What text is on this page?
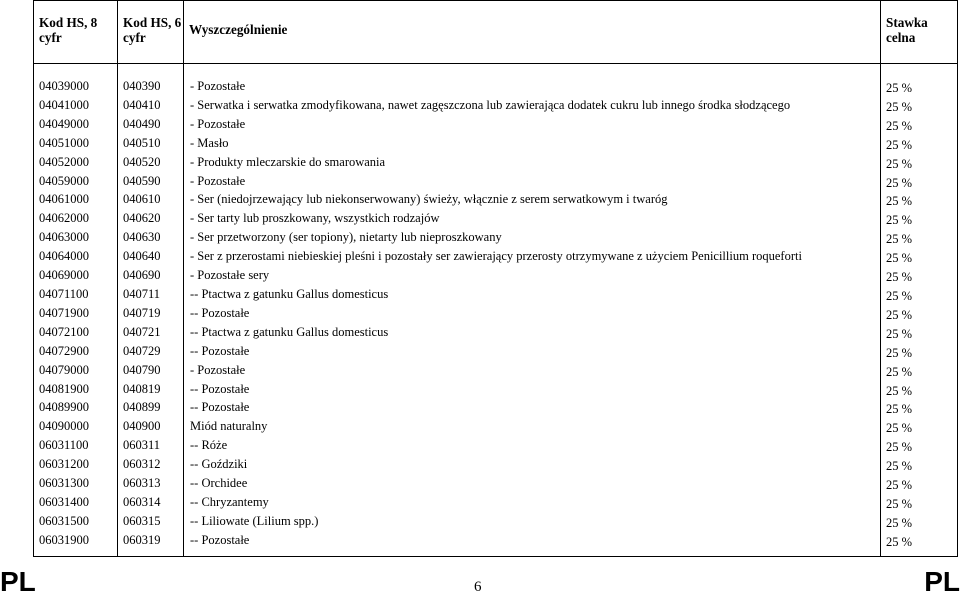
Kod HS, 8 cyfr	Kod HS, 6 cyfr	Wyszczególnienie	Stawka celna

04039000	040390	- Pozostałe	25 %
04041000	040410	- Serwatka i serwatka zmodyfikowana, nawet zagęszczona lub zawierająca dodatek cukru lub innego środka słodzącego	25 %
04049000	040490	- Pozostałe	25 %
04051000	040510	- Masło	25 %
04052000	040520	- Produkty mleczarskie do smarowania	25 %
04059000	040590	- Pozostałe	25 %
04061000	040610	- Ser (niedojrzewający lub niekonserwowany) świeży, włącznie z serem serwatkowym i twaróg	25 %
04062000	040620	- Ser tarty lub proszkowany, wszystkich rodzajów	25 %
04063000	040630	- Ser przetworzony (ser topiony), nietarty lub nieproszkowany	25 %
04064000	040640	- Ser z przerostami niebieskiej pleśni i pozostały ser zawierający przerosty otrzymywane z użyciem Penicillium roqueforti	25 %
04069000	040690	- Pozostałe sery	25 %
04071100	040711	-- Ptactwa z gatunku Gallus domesticus	25 %
04071900	040719	-- Pozostałe	25 %
04072100	040721	-- Ptactwa z gatunku Gallus domesticus	25 %
04072900	040729	-- Pozostałe	25 %
04079000	040790	- Pozostałe	25 %
04081900	040819	-- Pozostałe	25 %
04089900	040899	-- Pozostałe	25 %
04090000	040900	Miód naturalny	25 %
06031100	060311	-- Róże	25 %
06031200	060312	-- Goździki	25 %
06031300	060313	-- Orchidee	25 %
06031400	060314	-- Chryzantemy	25 %
06031500	060315	-- Liliowate (Lilium spp.)	25 %
06031900	060319	-- Pozostałe	25 %
PL	6	PL
